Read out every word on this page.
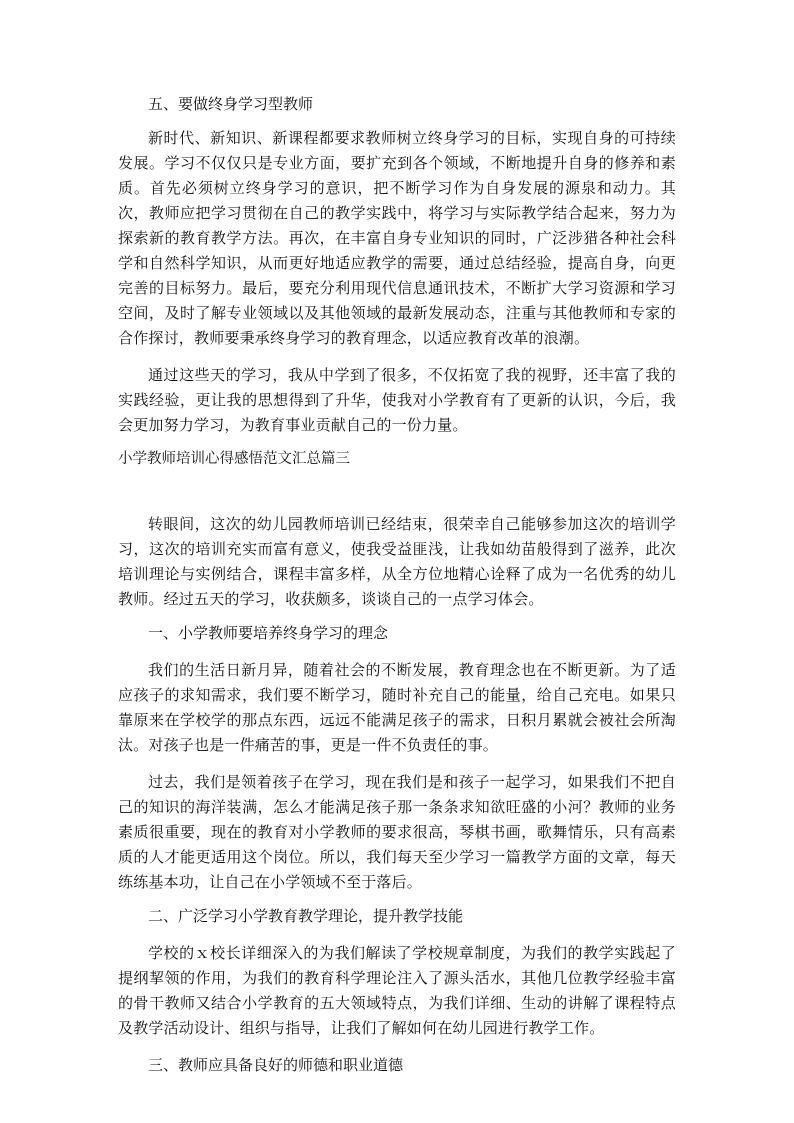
五、要做终身学习型教师

新时代、新知识、新课程都要求教师树立终身学习的目标，实现自身的可持续发展。学习不仅仅只是专业方面，要扩充到各个领域，不断地提升自身的修养和素质。首先必须树立终身学习的意识，把不断学习作为自身发展的源泉和动力。其次，教师应把学习贯彻在自己的教学实践中，将学习与实际教学结合起来，努力为探索新的教育教学方法。再次，在丰富自身专业知识的同时，广泛涉猎各种社会科学和自然科学知识，从而更好地适应教学的需要，通过总结经验，提高自身，向更完善的目标努力。最后，要充分利用现代信息通讯技术，不断扩大学习资源和学习空间，及时了解专业领域以及其他领域的最新发展动态，注重与其他教师和专家的合作探讨，教师要秉承终身学习的教育理念，以适应教育改革的浪潮。

通过这些天的学习，我从中学到了很多，不仅拓宽了我的视野，还丰富了我的实践经验，更让我的思想得到了升华，使我对小学教育有了更新的认识，今后，我会更加努力学习，为教育事业贡献自己的一份力量。

小学教师培训心得感悟范文汇总篇三

转眼间，这次的幼儿园教师培训已经结束，很荣幸自己能够参加这次的培训学习，这次的培训充实而富有意义，使我受益匪浅，让我如幼苗般得到了滋养，此次培训理论与实例结合，课程丰富多样，从全方位地精心诠释了成为一名优秀的幼儿教师。经过五天的学习，收获颇多，谈谈自己的一点学习体会。

一、小学教师要培养终身学习的理念

我们的生活日新月异，随着社会的不断发展，教育理念也在不断更新。为了适应孩子的求知需求，我们要不断学习，随时补充自己的能量，给自己充电。如果只靠原来在学校学的那点东西，远远不能满足孩子的需求，日积月累就会被社会所淘汰。对孩子也是一件痛苦的事，更是一件不负责任的事。

过去，我们是领着孩子在学习，现在我们是和孩子一起学习，如果我们不把自己的知识的海洋装满，怎么才能满足孩子那一条条求知欲旺盛的小河？教师的业务素质很重要，现在的教育对小学教师的要求很高，琴棋书画，歌舞情乐，只有高素质的人才能更适用这个岗位。所以，我们每天至少学习一篇教学方面的文章，每天练练基本功，让自己在小学领域不至于落后。

二、广泛学习小学教育教学理论，提升教学技能

学校的ｘ校长详细深入的为我们解读了学校规章制度，为我们的教学实践起了提纲挈领的作用，为我们的教育科学理论注入了源头活水，其他几位教学经验丰富的骨干教师又结合小学教育的五大领域特点，为我们详细、生动的讲解了课程特点及教学活动设计、组织与指导，让我们了解如何在幼儿园进行教学工作。

三、教师应具备良好的师德和职业道德
